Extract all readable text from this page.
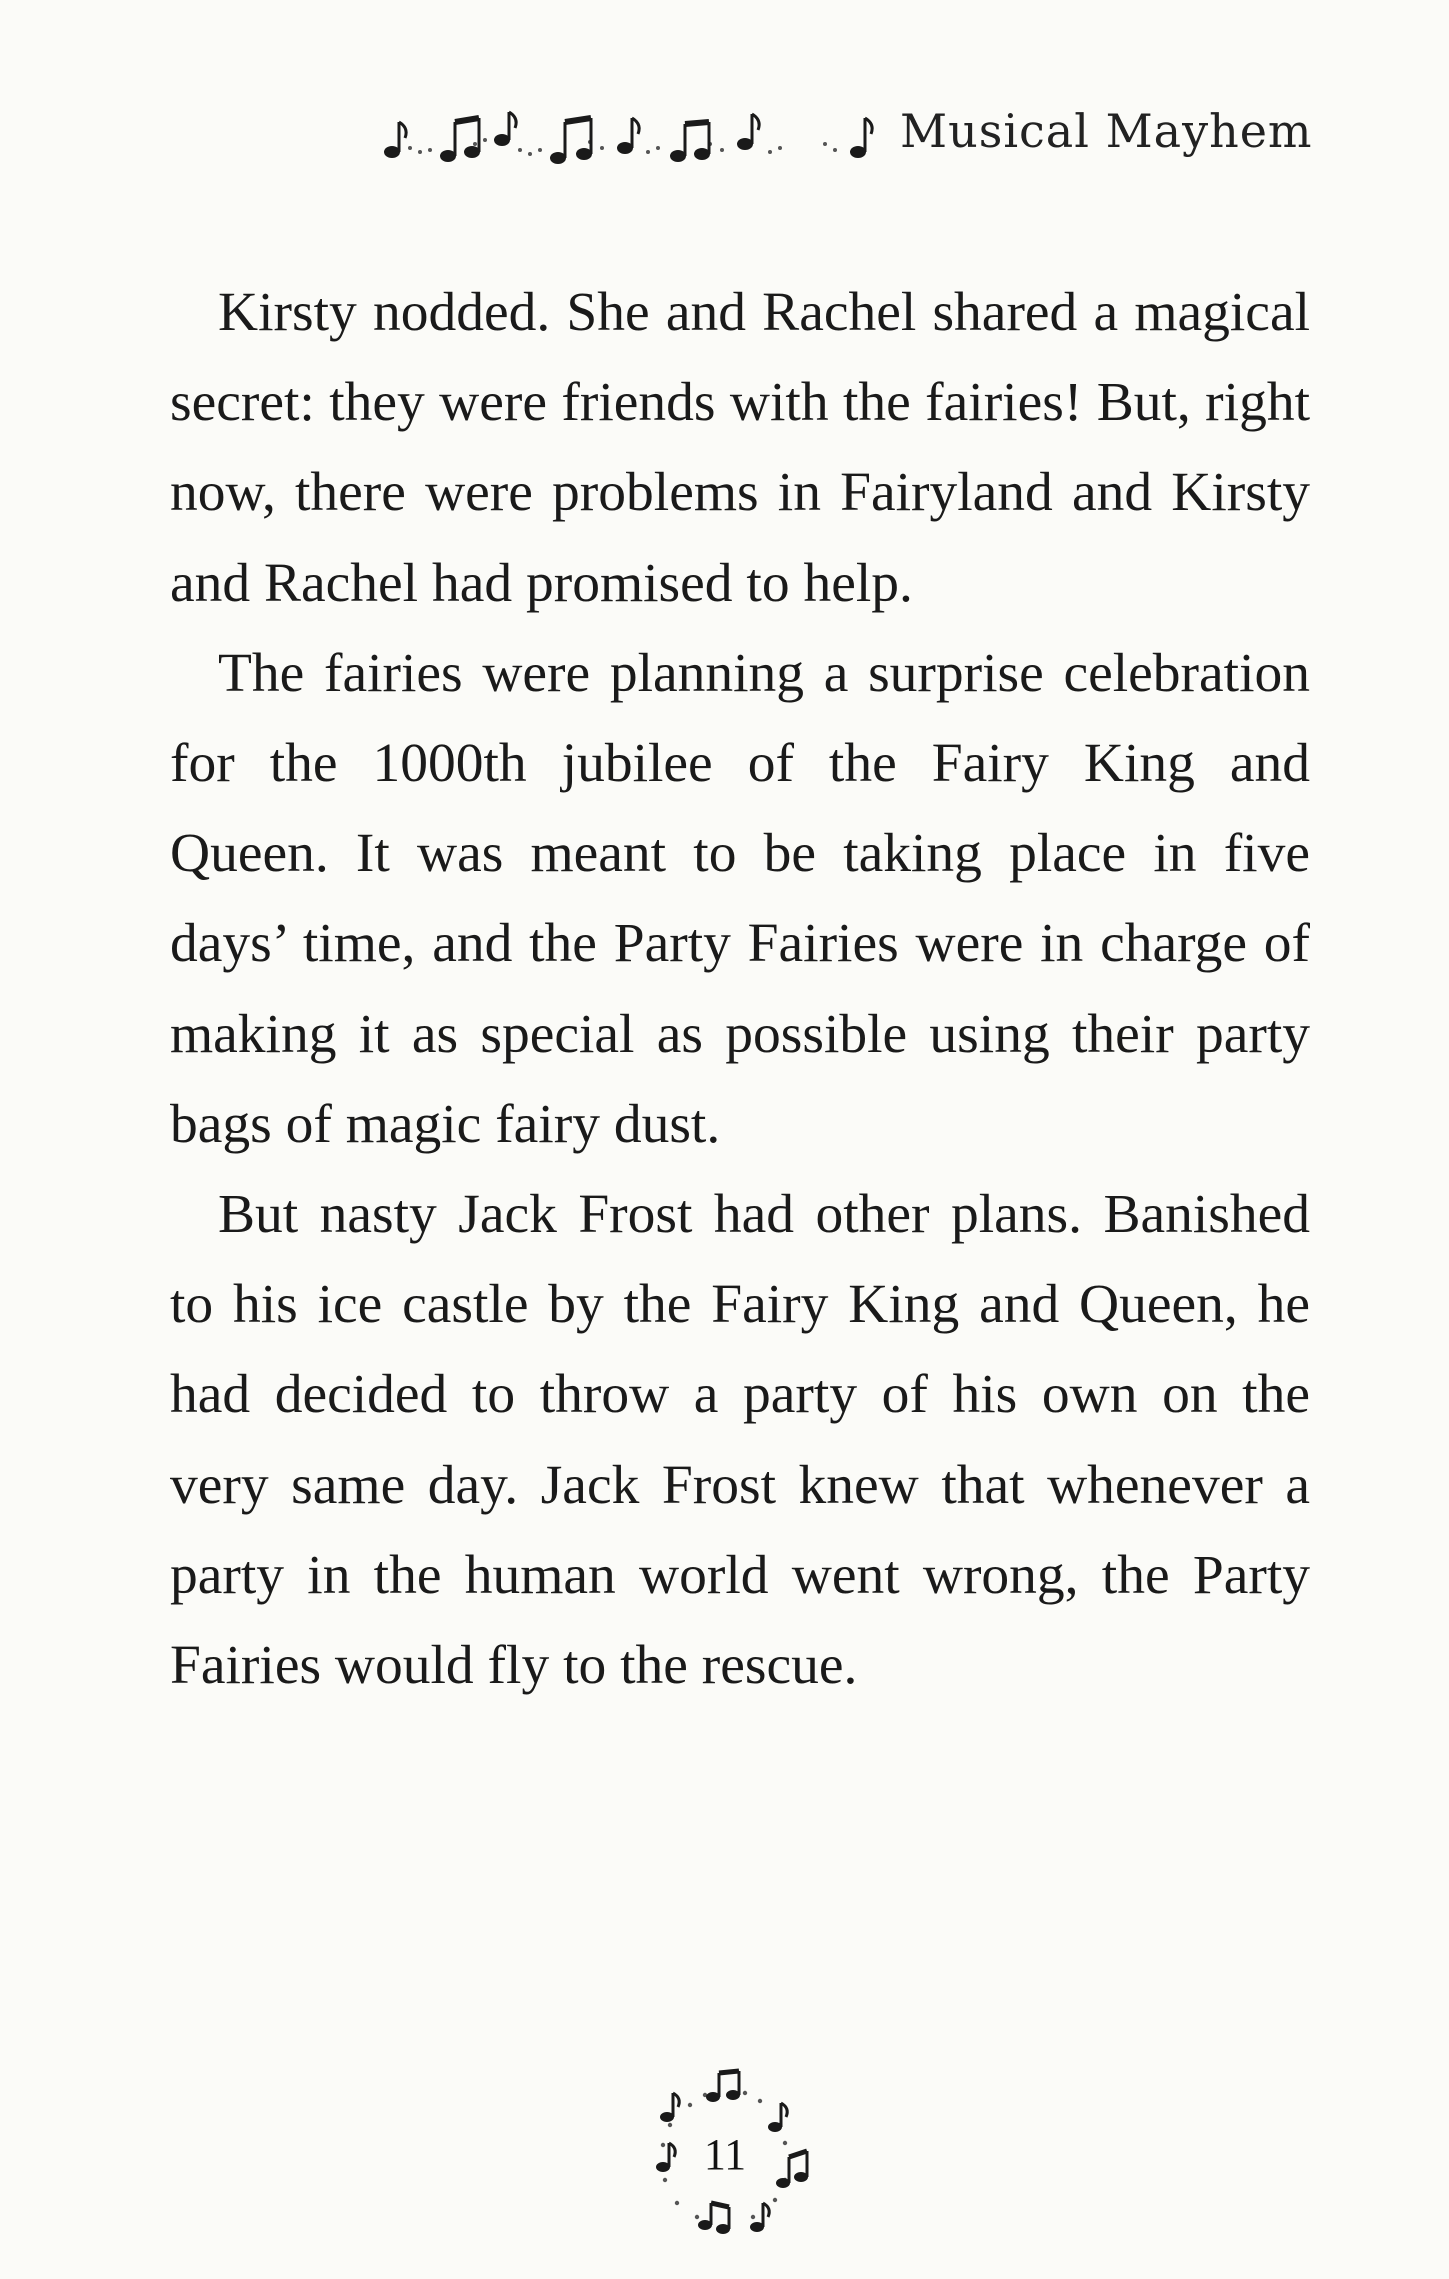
Musical Mayhem

Kirsty nodded. She and Rachel shared a magical secret: they were friends with the fairies! But, right now, there were problems in Fairyland and Kirsty and Rachel had promised to help.

The fairies were planning a surprise celebration for the 1000th jubilee of the Fairy King and Queen. It was meant to be taking place in five days’ time, and the Party Fairies were in charge of making it as special as possible using their party bags of magic fairy dust.

But nasty Jack Frost had other plans. Banished to his ice castle by the Fairy King and Queen, he had decided to throw a party of his own on the very same day. Jack Frost knew that whenever a party in the human world went wrong, the Party Fairies would fly to the rescue.

11
